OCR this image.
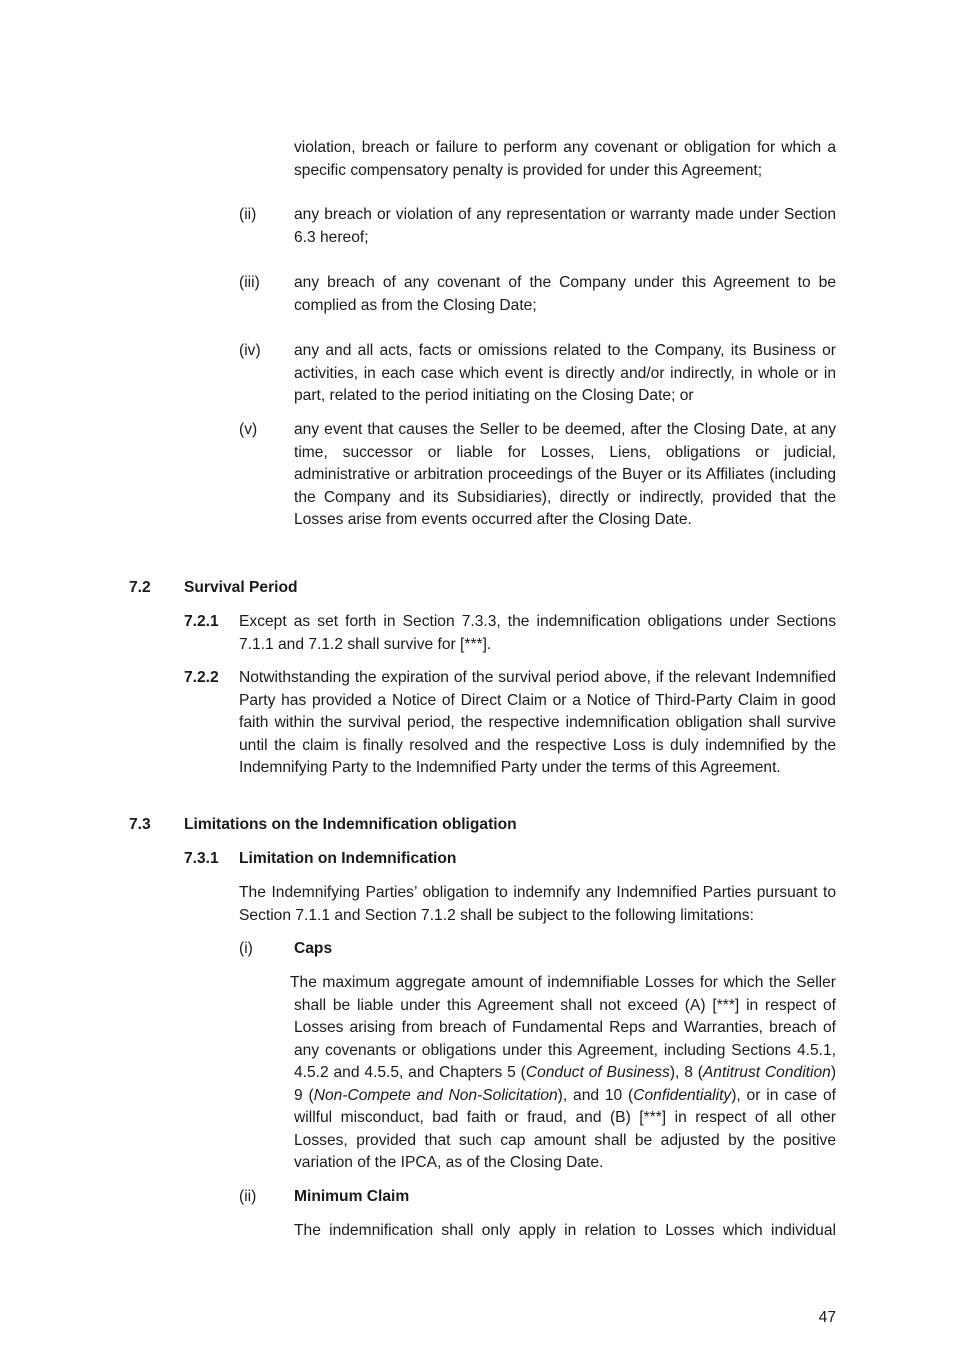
violation, breach or failure to perform any covenant or obligation for which a specific compensatory penalty is provided for under this Agreement;

(ii) any breach or violation of any representation or warranty made under Section 6.3 hereof;

(iii) any breach of any covenant of the Company under this Agreement to be complied as from the Closing Date;

(iv) any and all acts, facts or omissions related to the Company, its Business or activities, in each case which event is directly and/or indirectly, in whole or in part, related to the period initiating on the Closing Date; or

(v) any event that causes the Seller to be deemed, after the Closing Date, at any time, successor or liable for Losses, Liens, obligations or judicial, administrative or arbitration proceedings of the Buyer or its Affiliates (including the Company and its Subsidiaries), directly or indirectly, provided that the Losses arise from events occurred after the Closing Date.

7.2 Survival Period
7.2.1 Except as set forth in Section 7.3.3, the indemnification obligations under Sections 7.1.1 and 7.1.2 shall survive for [***].

7.2.2 Notwithstanding the expiration of the survival period above, if the relevant Indemnified Party has provided a Notice of Direct Claim or a Notice of Third-Party Claim in good faith within the survival period, the respective indemnification obligation shall survive until the claim is finally resolved and the respective Loss is duly indemnified by the Indemnifying Party to the Indemnified Party under the terms of this Agreement.

7.3 Limitations on the Indemnification obligation
7.3.1 Limitation on Indemnification

The Indemnifying Parties’ obligation to indemnify any Indemnified Parties pursuant to Section 7.1.1 and Section 7.1.2 shall be subject to the following limitations:

(i)	Caps

The maximum aggregate amount of indemnifiable Losses for which the Seller shall be liable under this Agreement shall not exceed (A) [***] in respect of Losses arising from breach of Fundamental Reps and Warranties, breach of any covenants or obligations under this Agreement, including Sections 4.5.1, 4.5.2 and 4.5.5, and Chapters 5 (Conduct of Business), 8 (Antitrust Condition) 9 (Non-Compete and Non-Solicitation), and 10 (Confidentiality), or in case of willful misconduct, bad faith or fraud, and (B) [***] in respect of all other Losses, provided that such cap amount shall be adjusted by the positive variation of the IPCA, as of the Closing Date.

(ii) Minimum Claim

The indemnification shall only apply in relation to Losses which individual

47
